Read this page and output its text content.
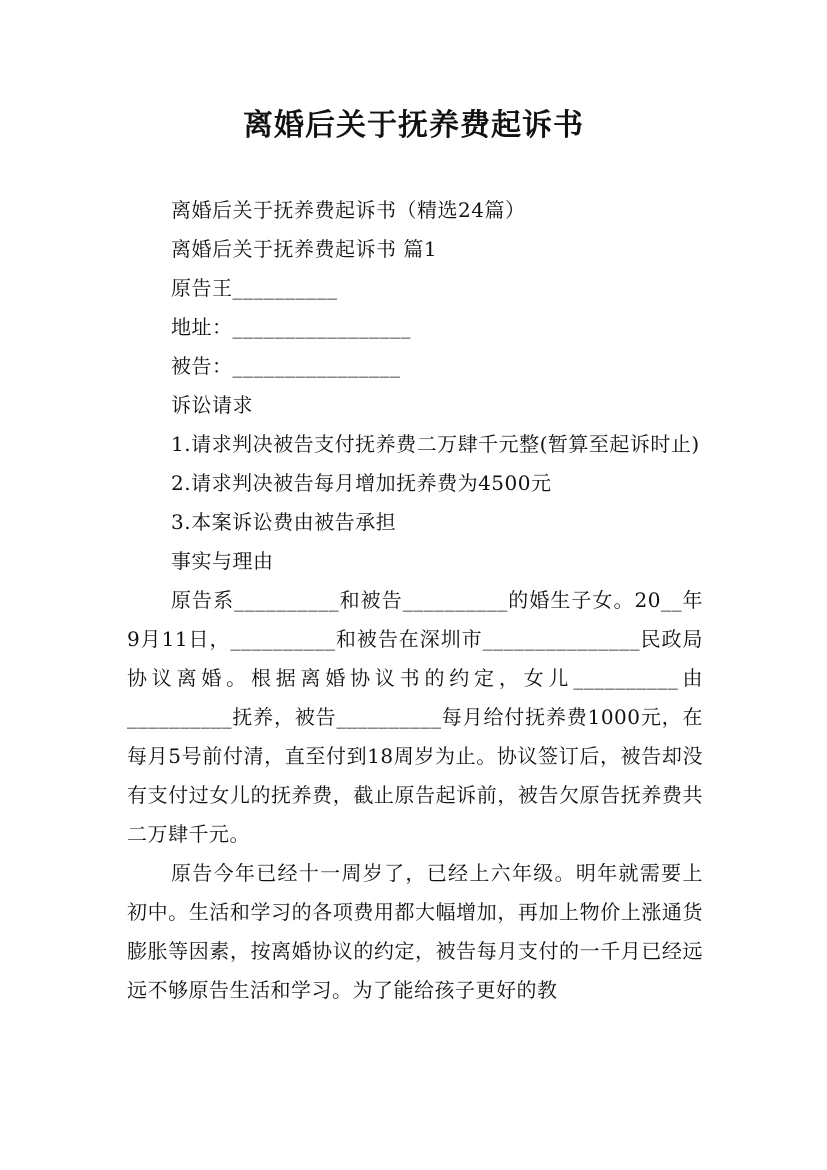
离婚后关于抚养费起诉书

离婚后关于抚养费起诉书（精选24篇）

离婚后关于抚养费起诉书 篇1

原告王__________

地址：_________________

被告：________________

诉讼请求

1.请求判决被告支付抚养费二万肆千元整(暂算至起诉时止)

2.请求判决被告每月增加抚养费为4500元

3.本案诉讼费由被告承担

事实与理由

原告系__________和被告__________的婚生子女。20__年9月11日，__________和被告在深圳市_______________民政局协议离婚。根据离婚协议书的约定，女儿__________由__________抚养，被告__________每月给付抚养费1000元，在每月5号前付清，直至付到18周岁为止。协议签订后，被告却没有支付过女儿的抚养费，截止原告起诉前，被告欠原告抚养费共二万肆千元。

原告今年已经十一周岁了，已经上六年级。明年就需要上初中。生活和学习的各项费用都大幅增加，再加上物价上涨通货膨胀等因素，按离婚协议的约定，被告每月支付的一千月已经远远不够原告生活和学习。为了能给孩子更好的教
